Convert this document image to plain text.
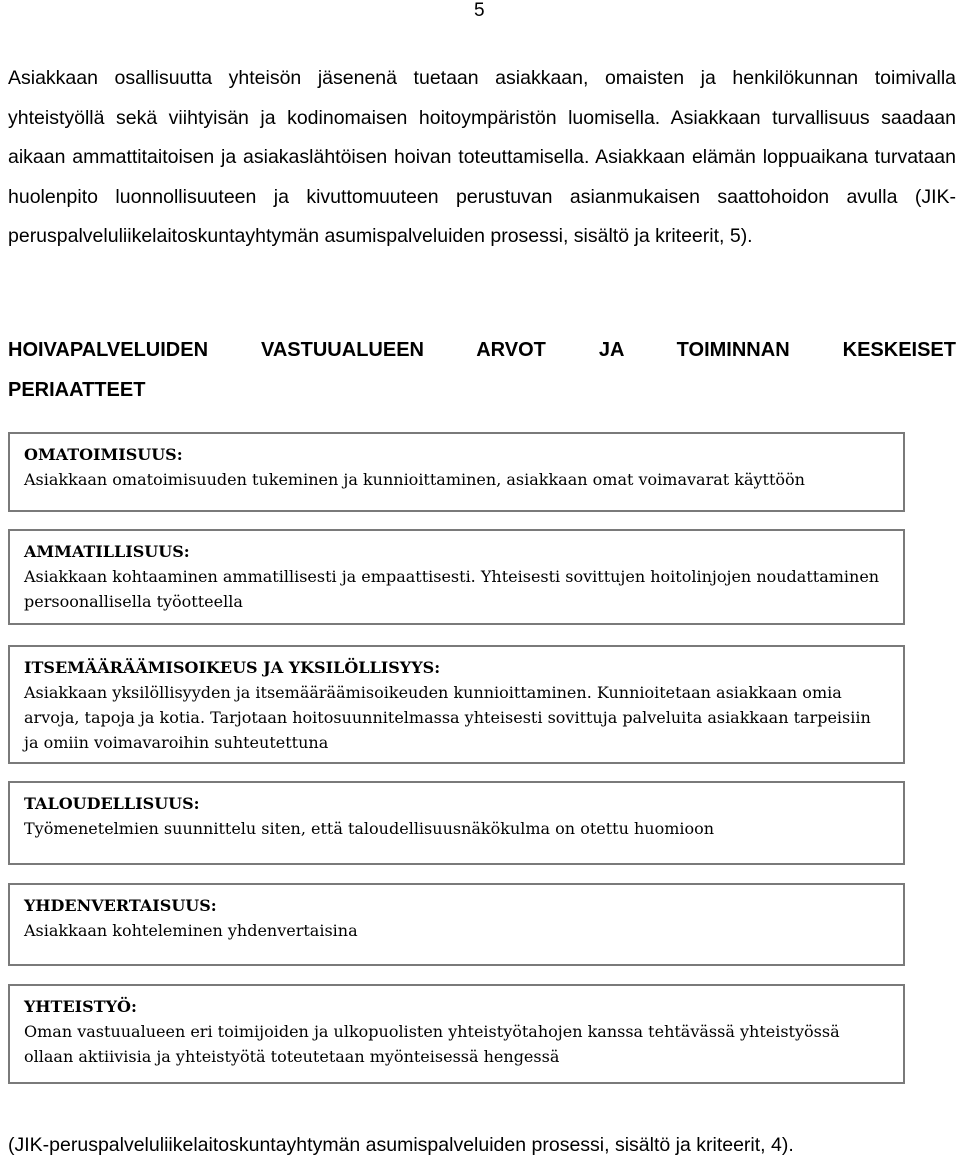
5

Asiakkaan osallisuutta yhteisön jäsenenä tuetaan asiakkaan, omaisten ja henkilökunnan toimivalla yhteistyöllä sekä viihtyisän ja kodinomaisen hoitoympäristön luomisella. Asiakkaan turvallisuus saadaan aikaan ammattitaitoisen ja asiakaslähtöisen hoivan toteuttamisella. Asiakkaan elämän loppuaikana turvataan huolenpito luonnollisuuteen ja kivuttomuuteen perustuvan asianmukaisen saattohoidon avulla (JIK-peruspalveluliikelaitoskuntayhtymän asumispalveluiden prosessi, sisältö ja kriteerit, 5).

HOIVAPALVELUIDEN VASTUUALUEEN ARVOT JA TOIMINNAN KESKEISET
PERIAATTEET
OMATOIMISUUS:
Asiakkaan omatoimisuuden tukeminen ja kunnioittaminen, asiakkaan omat voimavarat käyttöön
AMMATILLISUUS:
Asiakkaan kohtaaminen ammatillisesti ja empaattisesti. Yhteisesti sovittujen hoitolinjojen noudattaminen persoonallisella työotteella
ITSEMÄÄRÄÄMISOIKEUS JA YKSILÖLLISYYS:
Asiakkaan yksilöllisyyden ja itsemääräämisoikeuden kunnioittaminen. Kunnioitetaan asiakkaan omia arvoja, tapoja ja kotia. Tarjotaan hoitosuunnitelmassa yhteisesti sovittuja palveluita asiakkaan tarpeisiin ja omiin voimavaroihin suhteutettuna
TALOUDELLISUUS:
Työmenetelmien suunnittelu siten, että taloudellisuusnäkökulma on otettu huomioon
YHDENVERTAISUUS:
Asiakkaan kohteleminen yhdenvertaisina
YHTEISTYÖ:
Oman vastuualueen eri toimijoiden ja ulkopuolisten yhteistyötahojen kanssa tehtävässä yhteistyössä ollaan aktiivisia ja yhteistyötä toteutetaan myönteisessä hengessä

(JIK-peruspalveluliikelaitoskuntayhtymän asumispalveluiden prosessi, sisältö ja kriteerit, 4).
